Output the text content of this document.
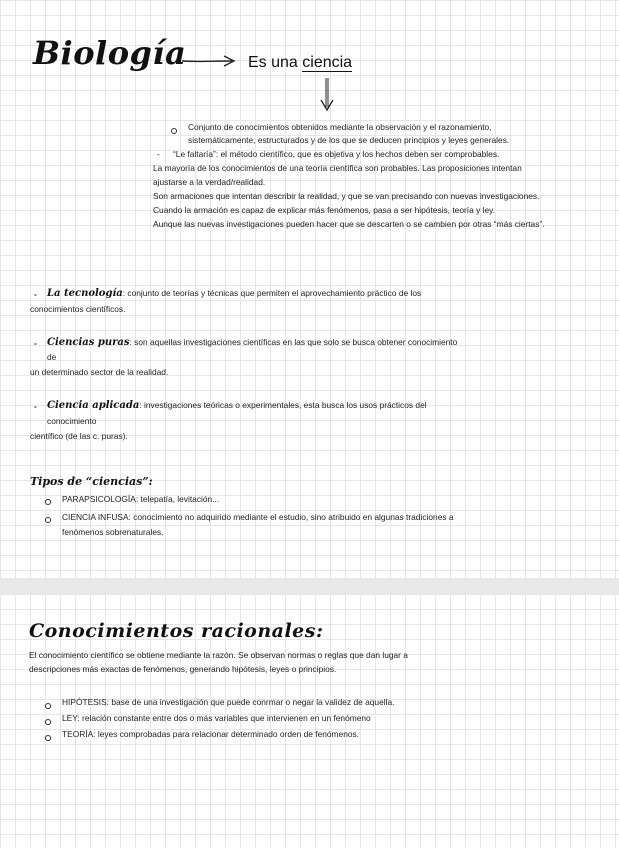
Biología	Es una ciencia
Conjunto de conocimientos obtenidos mediante la observación y el razonamiento,
sistemáticamente, estructurados y de los que se deducen principios y leyes generales.
- “Le faltaría”: el método científico, que es objetiva y los hechos deben ser comprobables.
La mayoría de los conocimientos de una teoría científica son probables. Las proposiciones intentan
ajustarse a la verdad/realidad.
Son armaciones que intentan describir la realidad, y que se van precisando con nuevas investigaciones.
Cuando la armación es capaz de explicar más fenómenos, pasa a ser hipótesis, teoría y ley.
Aunque las nuevas investigaciones pueden hacer que se descarten o se cambien por otras “más ciertas”.
- La tecnología: conjunto de teorías y técnicas que permiten el aprovechamiento práctico de los
conocimientos científicos.
- Ciencias puras: son aquellas investigaciones científicas en las que solo se busca obtener conocimiento
de
un determinado sector de la realidad.
- Ciencia aplicada: investigaciones teóricas o experimentales, esta busca los usos prácticos del
conocimiento
científico (de las c. puras).
Tipos de “ciencias”:
PARAPSICOLOGÍA: telepatía, levitación...
CIENCIA INFUSA: conocimiento no adquirido mediante el estudio, sino atribuido en algunas tradiciones a
fenómenos sobrenaturales.
Conocimientos racionales:
El conocimiento científico se obtiene mediante la razón. Se observan normas o reglas que dan lugar a
descripciones más exactas de fenómenos, generando hipótesis, leyes o principios.
HIPÓTESIS: base de una investigación que puede conrmar o negar la validez de aquella.
LEY: relación constante entre dos o más variables que intervienen en un fenómeno
TEORÍA: leyes comprobadas para relacionar determinado orden de fenómenos.
